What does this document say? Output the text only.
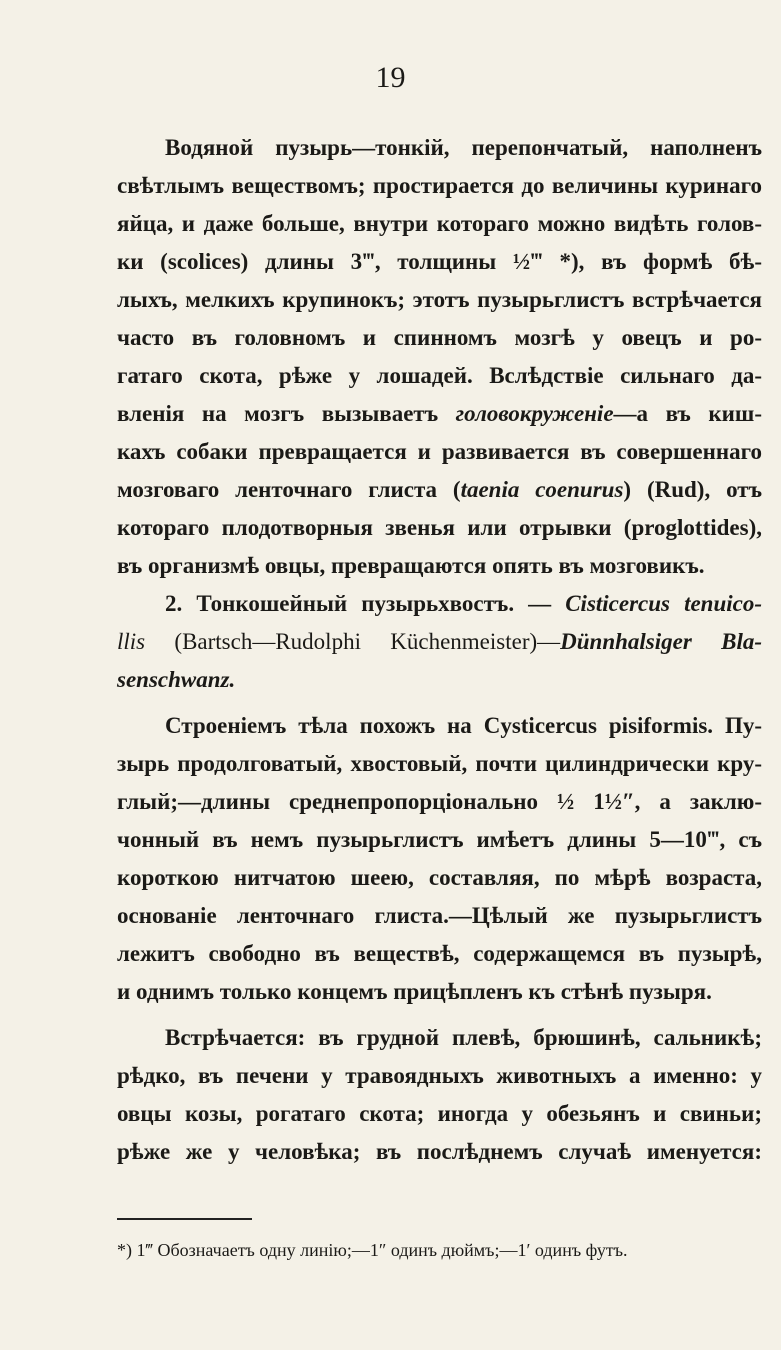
19
Водяной пузырь—тонкій, перепончатый, наполненъ
свѣтлымъ веществомъ; простирается до величины куринаго
яйца, и даже больше, внутри котораго можно видѣть голов-
ки (scolices) длины 3‴, толщины ½‴ *), въ формѣ бѣ-
лыхъ, мелкихъ крупинокъ; этотъ пузырьглистъ встрѣчается
часто въ головномъ и спинномъ мозгѣ у овецъ и ро-
гатаго скота, рѣже у лошадей. Вслѣдствіе сильнаго да-
вленія на мозгъ вызываетъ головокруженіе—а въ киш-
кахъ собаки превращается и развивается въ совершеннаго
мозговаго ленточнаго глиста (taenia coenurus) (Rud), отъ
котораго плодотворныя звенья или отрывки (proglottides),
въ организмѣ овцы, превращаются опять въ мозговикъ.
2. Тонкошейный пузырьхвостъ. — Cisticercus tenuico-
llis (Bartsch—Rudolphi Küchenmeister)—Dünnhalsiger Bla-
senschwanz.
Строеніемъ тѣла похожъ на Cysticercus pisiformis. Пу-
зырь продолговатый, хвостовый, почти цилиндрически кру-
глый;—длины среднепропорціонально ½ 1½″, а заклю-
чонный въ немъ пузырьглистъ имѣетъ длины 5—10‴, съ
короткою нитчатою шеею, составляя, по мѣрѣ возраста,
основаніе ленточнаго глиста.—Цѣлый же пузырьглистъ
лежитъ свободно въ веществѣ, содержащемся въ пузырѣ,
и однимъ только концемъ прицѣпленъ къ стѣнѣ пузыря.
Встрѣчается: въ грудной плевѣ, брюшинѣ, сальникѣ;
рѣдко, въ печени у травоядныхъ животныхъ а именно: у
овцы козы, рогатаго скота; иногда у обезьянъ и свиньи;
рѣже же у человѣка; въ послѣднемъ случаѣ именуется:
*) 1‴ Обозначаетъ одну линію;—1″ одинъ дюймъ;—1′ одинъ футъ.
